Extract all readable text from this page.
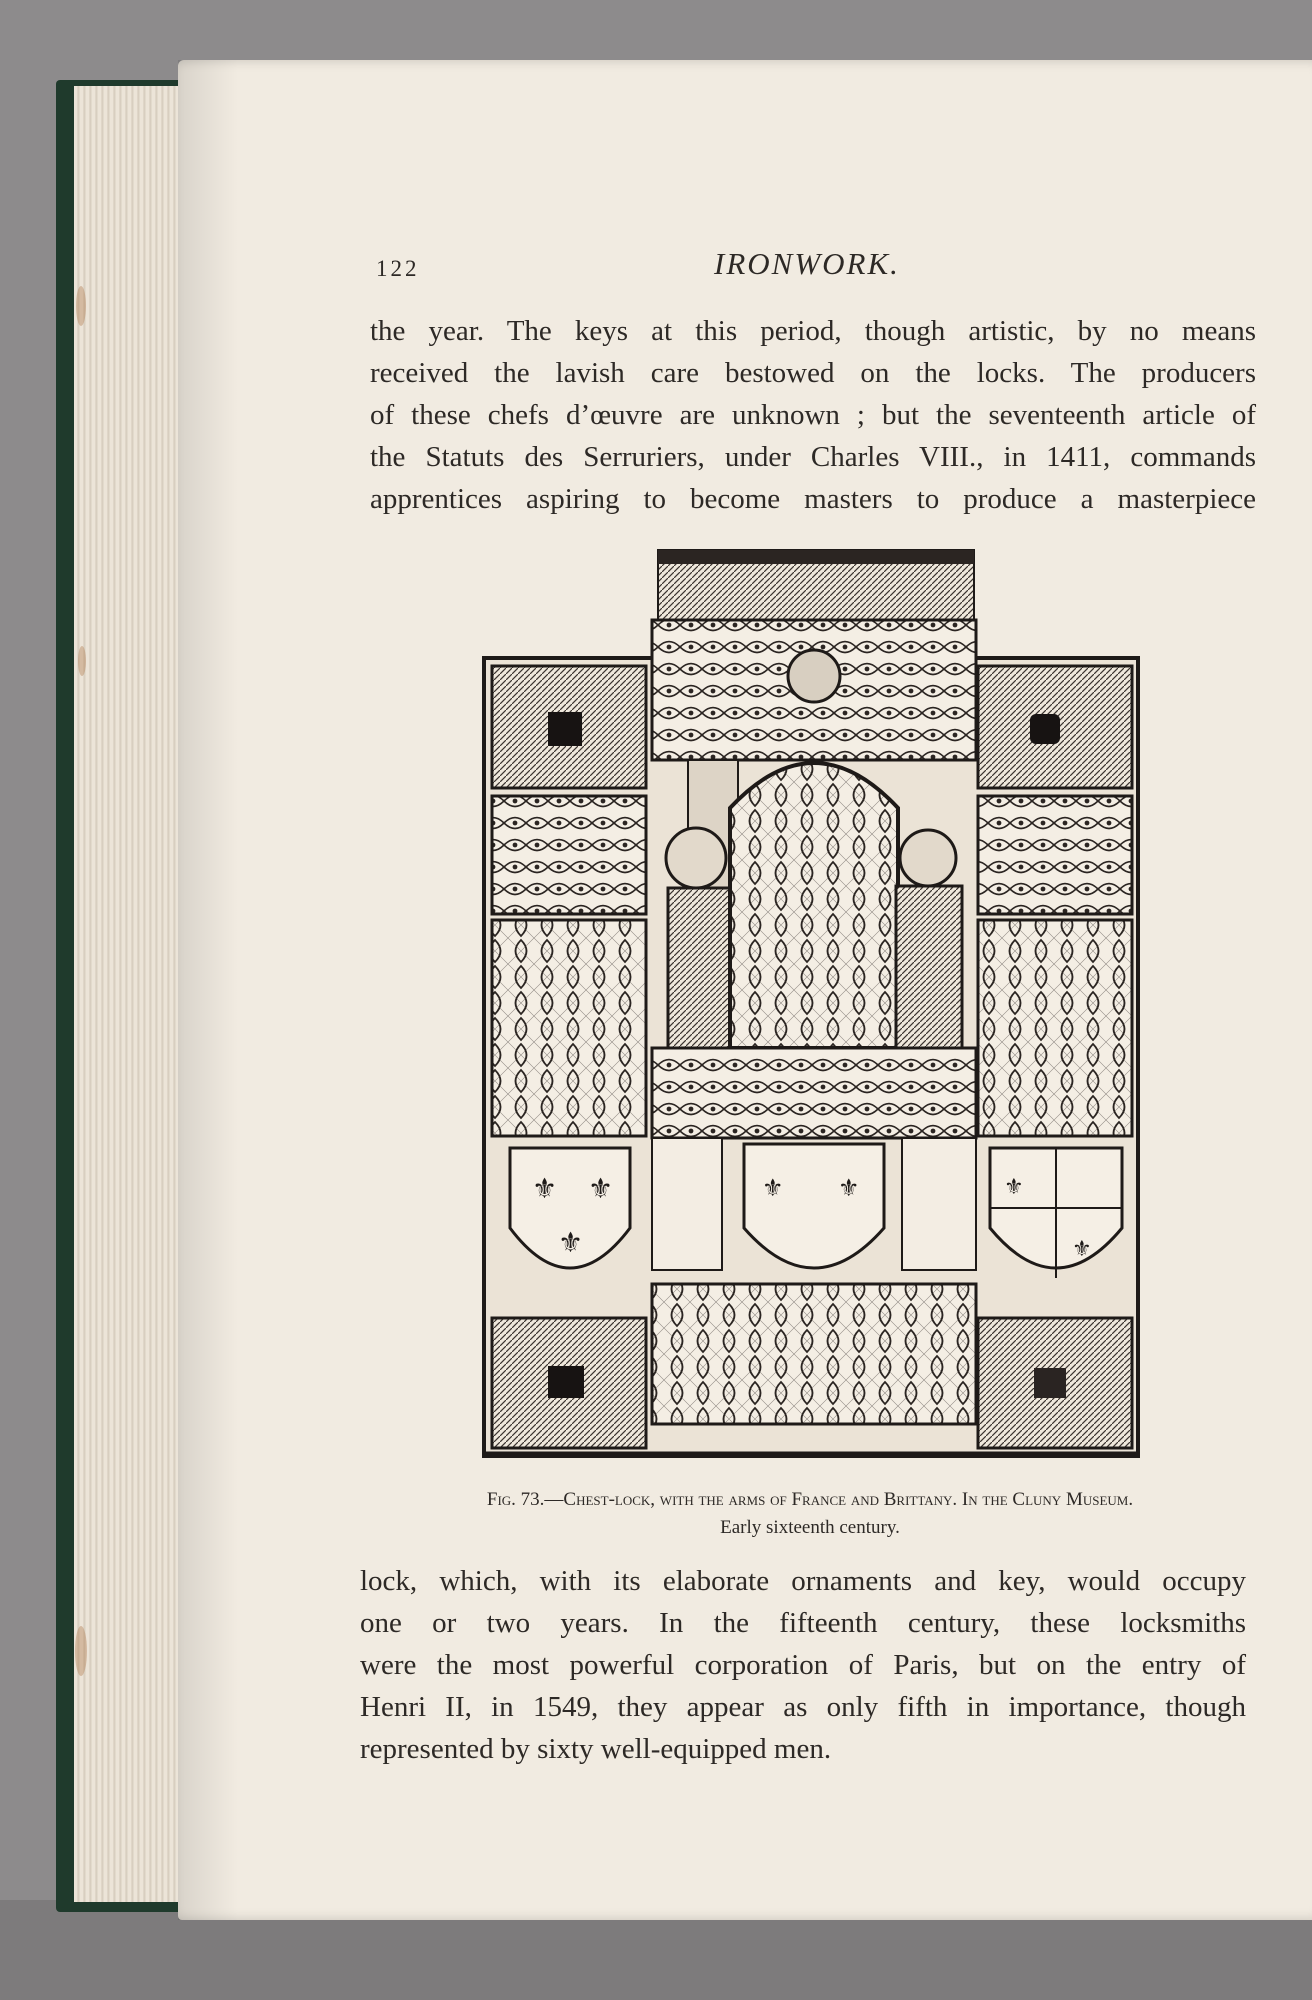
122	IRONWORK.
the year. The keys at this period, though artistic, by no means
received the lavish care bestowed on the locks. The producers
of these chefs d’œuvre are unknown ; but the seventeenth article of
the Statuts des Serruriers, under Charles VIII., in 1411, commands
apprentices aspiring to become masters to produce a masterpiece
⚜ ⚜
⚜
⚜ ⚜	⚜
⚜
Fig. 73.—Chest-lock, with the arms of France and Brittany. In the Cluny Museum.
Early sixteenth century.
lock, which, with its elaborate ornaments and key, would occupy
one or two years. In the fifteenth century, these locksmiths
were the most powerful corporation of Paris, but on the entry of
Henri II, in 1549, they appear as only fifth in importance, though
represented by sixty well-equipped men.
